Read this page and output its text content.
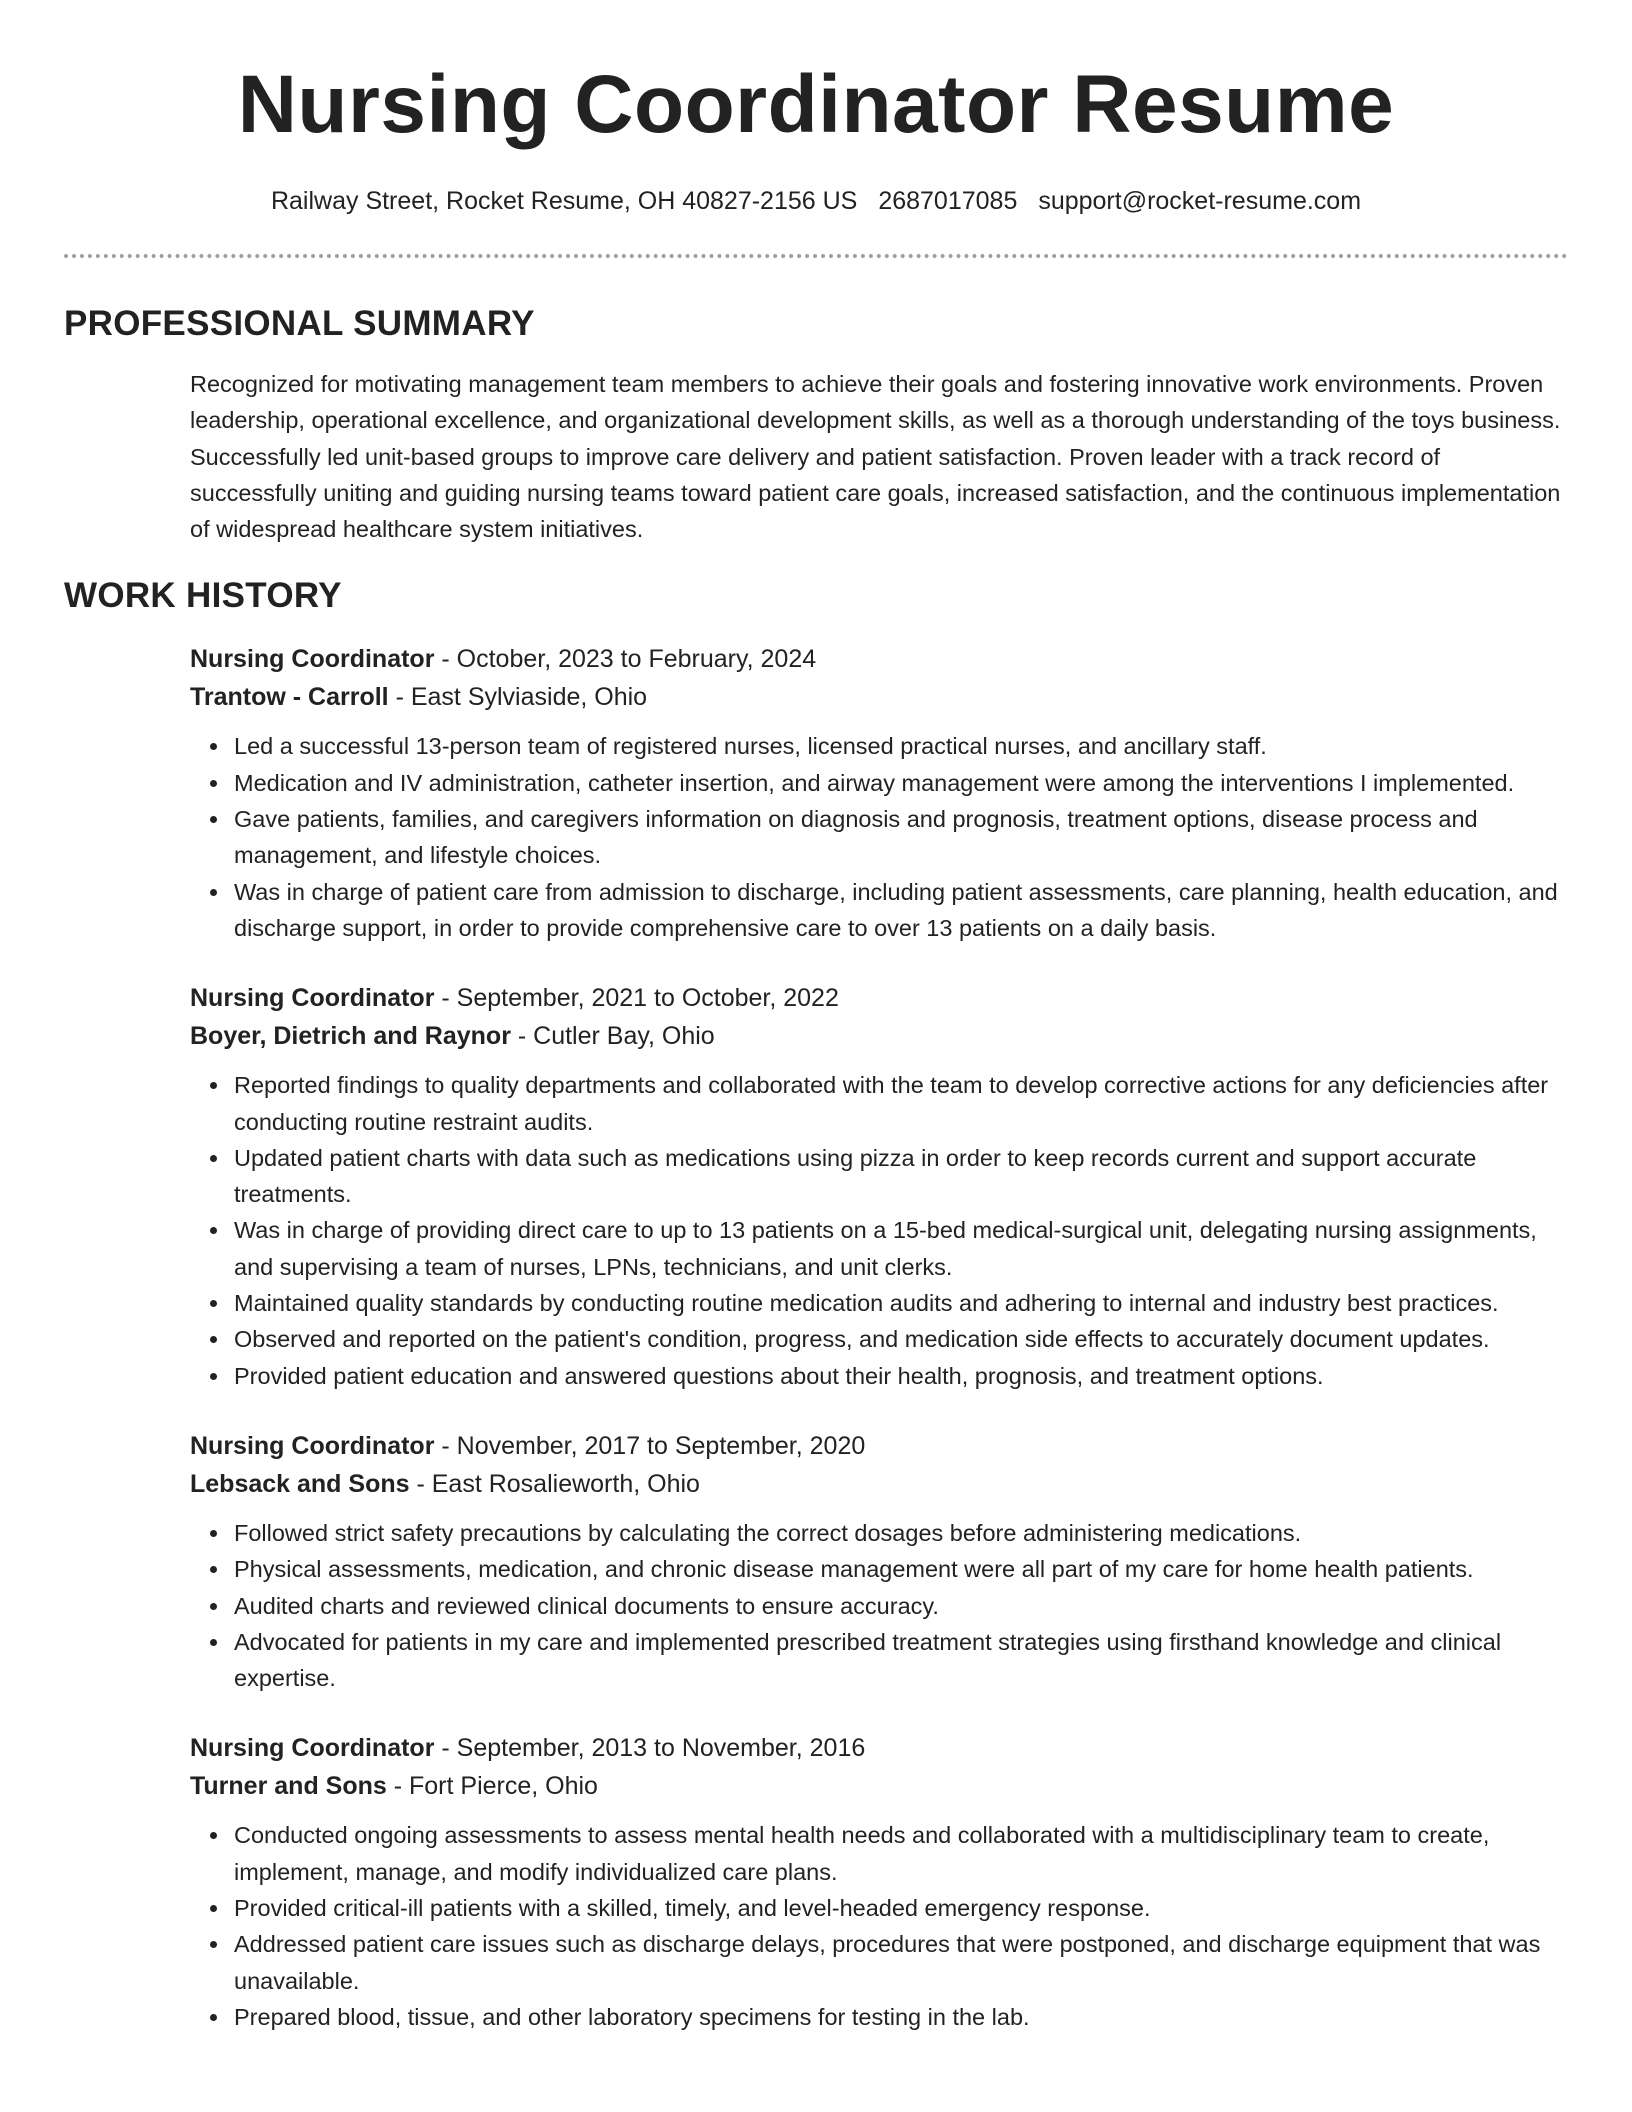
Nursing Coordinator Resume
Railway Street, Rocket Resume, OH 40827-2156 US 2687017085 support@rocket-resume.com
PROFESSIONAL SUMMARY

Recognized for motivating management team members to achieve their goals and fostering innovative work environments. Proven leadership, operational excellence, and organizational development skills, as well as a thorough understanding of the toys business. Successfully led unit-based groups to improve care delivery and patient satisfaction. Proven leader with a track record of successfully uniting and guiding nursing teams toward patient care goals, increased satisfaction, and the continuous implementation of widespread healthcare system initiatives.

WORK HISTORY
Nursing Coordinator - October, 2023 to February, 2024
Trantow - Carroll - East Sylviaside, Ohio
Led a successful 13-person team of registered nurses, licensed practical nurses, and ancillary staff.
Medication and IV administration, catheter insertion, and airway management were among the interventions I implemented.
Gave patients, families, and caregivers information on diagnosis and prognosis, treatment options, disease process and management, and lifestyle choices.
Was in charge of patient care from admission to discharge, including patient assessments, care planning, health education, and discharge support, in order to provide comprehensive care to over 13 patients on a daily basis.
Nursing Coordinator - September, 2021 to October, 2022
Boyer, Dietrich and Raynor - Cutler Bay, Ohio
Reported findings to quality departments and collaborated with the team to develop corrective actions for any deficiencies after conducting routine restraint audits.
Updated patient charts with data such as medications using pizza in order to keep records current and support accurate treatments.
Was in charge of providing direct care to up to 13 patients on a 15-bed medical-surgical unit, delegating nursing assignments, and supervising a team of nurses, LPNs, technicians, and unit clerks.
Maintained quality standards by conducting routine medication audits and adhering to internal and industry best practices.
Observed and reported on the patient's condition, progress, and medication side effects to accurately document updates.
Provided patient education and answered questions about their health, prognosis, and treatment options.
Nursing Coordinator - November, 2017 to September, 2020
Lebsack and Sons - East Rosalieworth, Ohio
Followed strict safety precautions by calculating the correct dosages before administering medications.
Physical assessments, medication, and chronic disease management were all part of my care for home health patients.
Audited charts and reviewed clinical documents to ensure accuracy.
Advocated for patients in my care and implemented prescribed treatment strategies using firsthand knowledge and clinical expertise.
Nursing Coordinator - September, 2013 to November, 2016
Turner and Sons - Fort Pierce, Ohio
Conducted ongoing assessments to assess mental health needs and collaborated with a multidisciplinary team to create, implement, manage, and modify individualized care plans.
Provided critical-ill patients with a skilled, timely, and level-headed emergency response.
Addressed patient care issues such as discharge delays, procedures that were postponed, and discharge equipment that was unavailable.
Prepared blood, tissue, and other laboratory specimens for testing in the lab.
